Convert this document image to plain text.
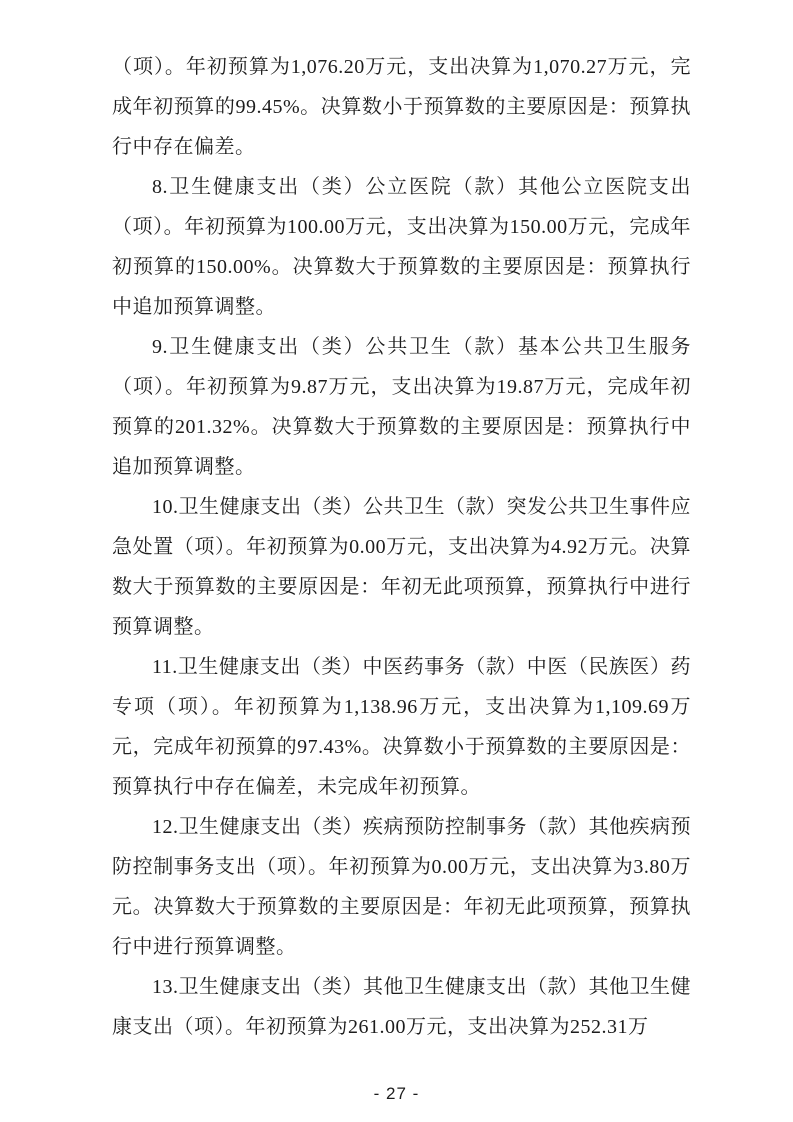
（项）。年初预算为1,076.20万元，支出决算为1,070.27万元，完成年初预算的99.45%。决算数小于预算数的主要原因是：预算执行中存在偏差。

8.卫生健康支出（类）公立医院（款）其他公立医院支出（项）。年初预算为100.00万元，支出决算为150.00万元，完成年初预算的150.00%。决算数大于预算数的主要原因是：预算执行中追加预算调整。

9.卫生健康支出（类）公共卫生（款）基本公共卫生服务（项）。年初预算为9.87万元，支出决算为19.87万元，完成年初预算的201.32%。决算数大于预算数的主要原因是：预算执行中追加预算调整。

10.卫生健康支出（类）公共卫生（款）突发公共卫生事件应急处置（项）。年初预算为0.00万元，支出决算为4.92万元。决算数大于预算数的主要原因是：年初无此项预算，预算执行中进行预算调整。

11.卫生健康支出（类）中医药事务（款）中医（民族医）药专项（项）。年初预算为1,138.96万元，支出决算为1,109.69万元，完成年初预算的97.43%。决算数小于预算数的主要原因是：预算执行中存在偏差，未完成年初预算。

12.卫生健康支出（类）疾病预防控制事务（款）其他疾病预防控制事务支出（项）。年初预算为0.00万元，支出决算为3.80万元。决算数大于预算数的主要原因是：年初无此项预算，预算执行中进行预算调整。

13.卫生健康支出（类）其他卫生健康支出（款）其他卫生健康支出（项）。年初预算为261.00万元，支出决算为252.31万

- 27 -
